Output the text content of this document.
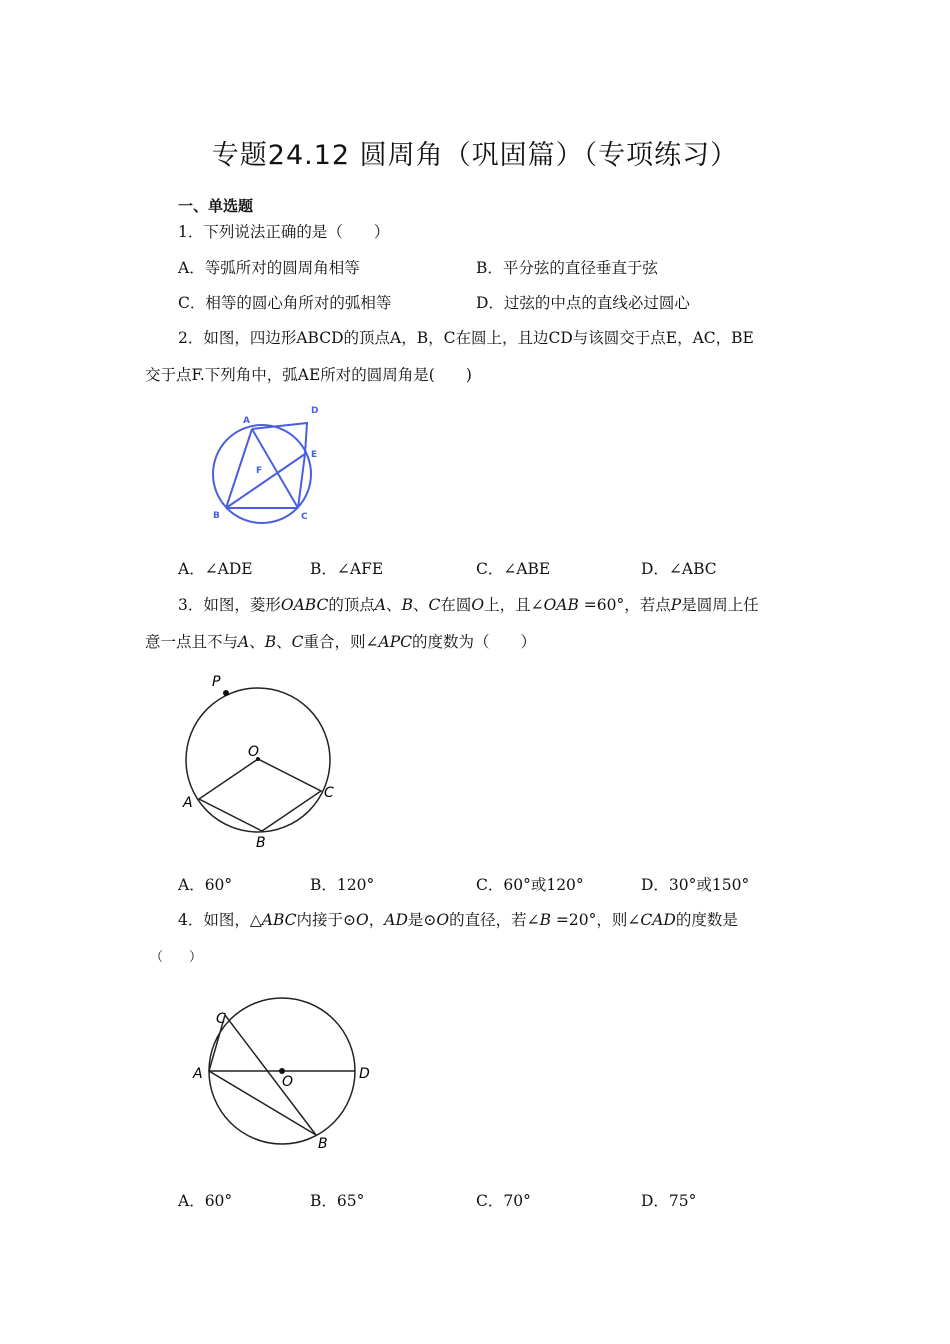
专题24.12 圆周角（巩固篇）（专项练习）
一、单选题
1．下列说法正确的是（　　）
A．等弧所对的圆周角相等	B．平分弦的直径垂直于弦
C．相等的圆心角所对的弧相等	D．过弦的中点的直线必过圆心
2．如图，四边形ABCD的顶点A，B，C在圆上，且边CD与该圆交于点E，AC，BE
交于点F.下列角中，弧AE所对的圆周角是(　　)
A
D
E
F
B	C
A．∠ADE	B．∠AFE	C．∠ABE	D．∠ABC
3．如图，菱形OABC的顶点A、B、C在圆O上，且∠OAB =60°，若点P是圆周上任
意一点且不与A、B、C重合，则∠APC的度数为（　　）
P
O
A
B
C
A．60°	B．120°	C．60°或120°	D．30°或150°
4．如图，△ABC内接于⊙O，AD是⊙O的直径，若∠B =20°，则∠CAD的度数是
（　　）
C
A	O	D
B
A．60°	B．65°	C．70°	D．75°
